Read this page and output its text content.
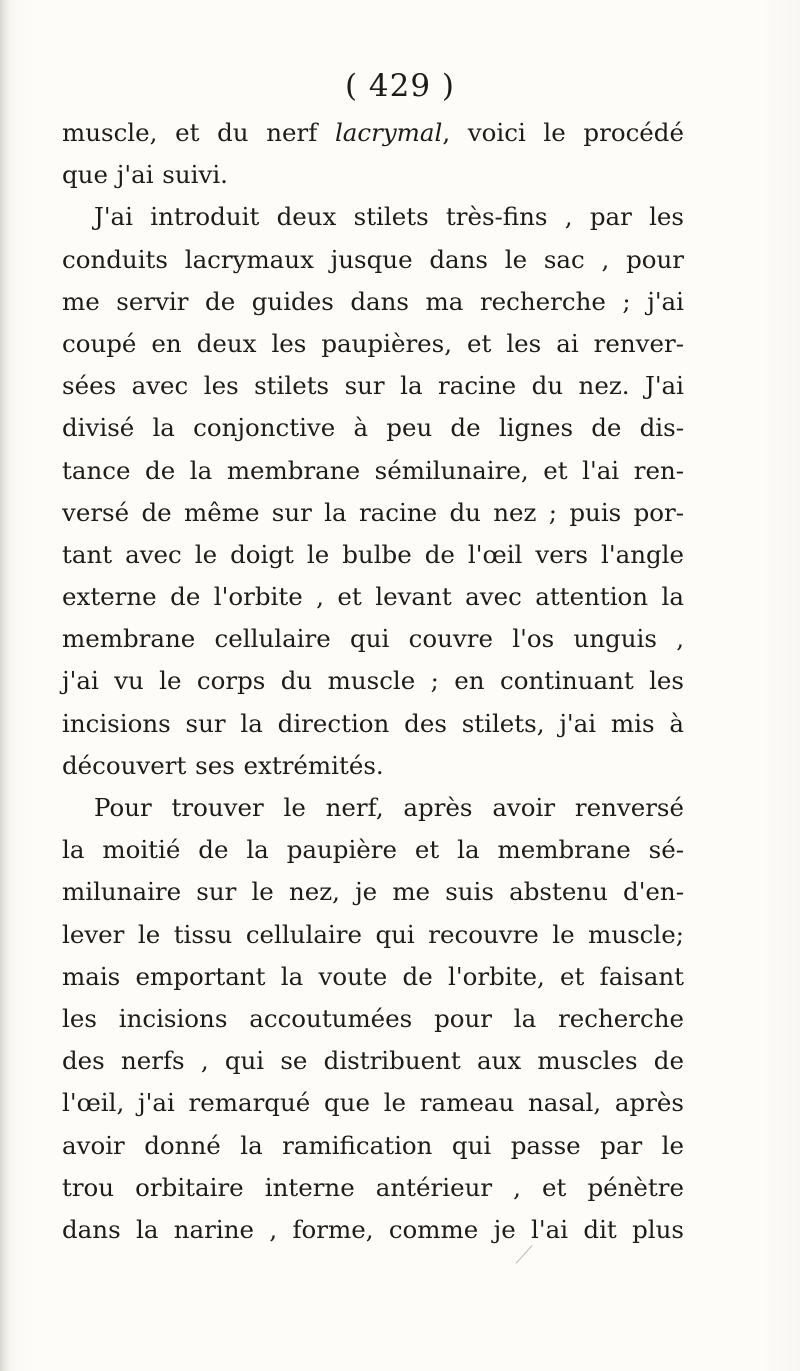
( 429 )
muscle, et du nerf lacrymal, voici le procédé
que j'ai suivi.
J'ai introduit deux stilets très-fins , par les
conduits lacrymaux jusque dans le sac , pour
me servir de guides dans ma recherche ; j'ai
coupé en deux les paupières, et les ai renver-
sées avec les stilets sur la racine du nez. J'ai
divisé la conjonctive à peu de lignes de dis-
tance de la membrane sémilunaire, et l'ai ren-
versé de même sur la racine du nez ; puis por-
tant avec le doigt le bulbe de l'œil vers l'angle
externe de l'orbite , et levant avec attention la
membrane cellulaire qui couvre l'os unguis ,
j'ai vu le corps du muscle ; en continuant les
incisions sur la direction des stilets, j'ai mis à
découvert ses extrémités.
Pour trouver le nerf, après avoir renversé
la moitié de la paupière et la membrane sé-
milunaire sur le nez, je me suis abstenu d'en-
lever le tissu cellulaire qui recouvre le muscle;
mais emportant la voute de l'orbite, et faisant
les incisions accoutumées pour la recherche
des nerfs , qui se distribuent aux muscles de
l'œil, j'ai remarqué que le rameau nasal, après
avoir donné la ramification qui passe par le
trou orbitaire interne antérieur , et pénètre
dans la narine , forme, comme je l'ai dit plus
